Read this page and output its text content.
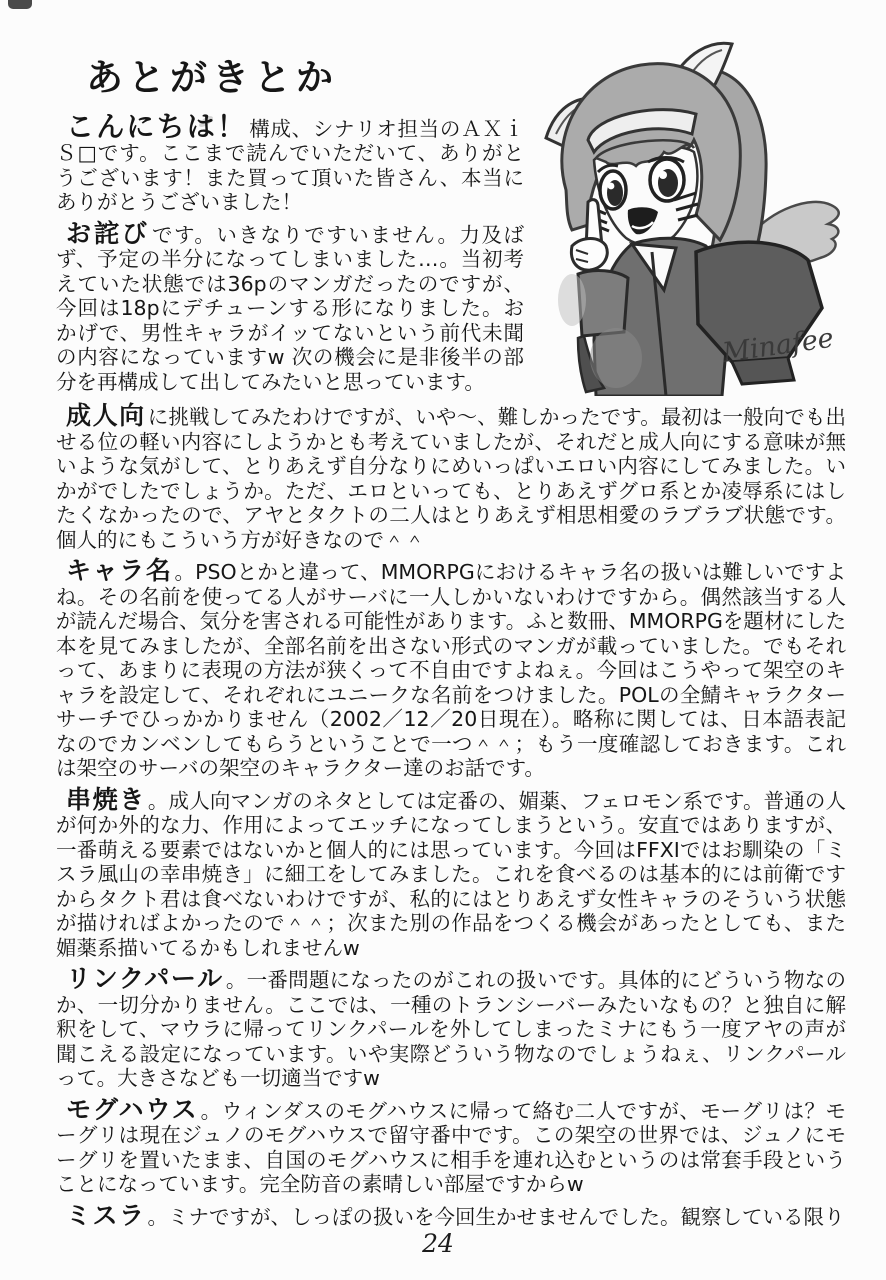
Minafee
あとがきとか

こんにちは！構成、シナリオ担当のＡＸｉＳ□です。ここまで読んでいただいて、ありがとうございます！また買って頂いた皆さん、本当にありがとうございました！

お詫びです。いきなりですいません。力及ばず、予定の半分になってしまいました…。当初考えていた状態では36pのマンガだったのですが、今回は18pにデチューンする形になりました。おかげで、男性キャラがイッてないという前代未聞の内容になっていますw 次の機会に是非後半の部分を再構成して出してみたいと思っています。

成人向に挑戦してみたわけですが、いや～、難しかったです。最初は一般向でも出せる位の軽い内容にしようかとも考えていましたが、それだと成人向にする意味が無いような気がして、とりあえず自分なりにめいっぱいエロい内容にしてみました。いかがでしたでしょうか。ただ、エロといっても、とりあえずグロ系とか凌辱系にはしたくなかったので、アヤとタクトの二人はとりあえず相思相愛のラブラブ状態です。個人的にもこういう方が好きなので＾＾

キャラ名。PSOとかと違って、MMORPGにおけるキャラ名の扱いは難しいですよね。その名前を使ってる人がサーバに一人しかいないわけですから。偶然該当する人が読んだ場合、気分を害される可能性があります。ふと数冊、MMORPGを題材にした本を見てみましたが、全部名前を出さない形式のマンガが載っていました。でもそれって、あまりに表現の方法が狭くって不自由ですよねぇ。今回はこうやって架空のキャラを設定して、それぞれにユニークな名前をつけました。POLの全鯖キャラクターサーチでひっかかりません（2002／12／20日現在）。略称に関しては、日本語表記なのでカンベンしてもらうということで一つ＾＾；もう一度確認しておきます。これは架空のサーバの架空のキャラクター達のお話です。

串焼き。成人向マンガのネタとしては定番の、媚薬、フェロモン系です。普通の人が何か外的な力、作用によってエッチになってしまうという。安直ではありますが、一番萌える要素ではないかと個人的には思っています。今回はFFXIではお馴染の「ミスラ風山の幸串焼き」に細工をしてみました。これを食べるのは基本的には前衛ですからタクト君は食べないわけですが、私的にはとりあえず女性キャラのそういう状態が描ければよかったので＾＾；次また別の作品をつくる機会があったとしても、また媚薬系描いてるかもしれませんw

リンクパール。一番問題になったのがこれの扱いです。具体的にどういう物なのか、一切分かりません。ここでは、一種のトランシーバーみたいなもの？と独自に解釈をして、マウラに帰ってリンクパールを外してしまったミナにもう一度アヤの声が聞こえる設定になっています。いや実際どういう物なのでしょうねぇ、リンクパールって。大きさなども一切適当ですw

モグハウス。ウィンダスのモグハウスに帰って絡む二人ですが、モーグリは？モーグリは現在ジュノのモグハウスで留守番中です。この架空の世界では、ジュノにモーグリを置いたまま、自国のモグハウスに相手を連れ込むというのは常套手段ということになっています。完全防音の素晴しい部屋ですからw

ミスラ。ミナですが、しっぽの扱いを今回生かせませんでした。観察している限り

24
